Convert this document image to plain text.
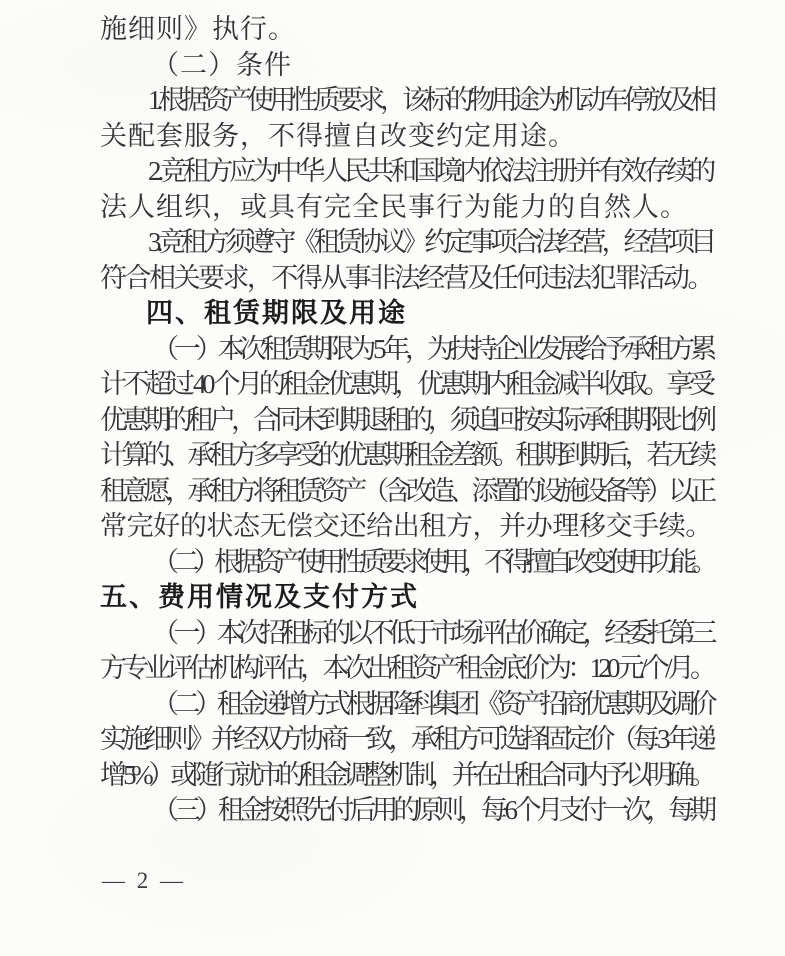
施细则》执行。
（二）条件
1.根据资产使用性质要求，该标的物用途为机动车停放及相
关配套服务，不得擅自改变约定用途。
2.竞租方应为中华人民共和国境内依法注册并有效存续的
法人组织，或具有完全民事行为能力的自然人。
3.竞租方须遵守《租赁协议》约定事项合法经营，经营项目
符合相关要求，不得从事非法经营及任何违法犯罪活动。
四、租赁期限及用途
（一）本次租赁期限为 5 年，为扶持企业发展给予承租方累
计不超过 40 个月的租金优惠期，优惠期内租金减半收取。享受
优惠期的租户，合同未到期退租的，须追回按实际承租期限比例
计算的、承租方多享受的优惠期租金差额。租期到期后，若无续
租意愿，承租方将租赁资产（含改造、添置的设施设备等）以正
常完好的状态无偿交还给出租方，并办理移交手续。
（二）根据资产使用性质要求使用，不得擅自改变使用功能。
五、费用情况及支付方式
（一）本次招租标的以不低于市场评估价确定，经委托第三
方专业评估机构评估，本次出租资产租金底价为：120 元/个/月。
（二）租金递增方式根据隆科集团《资产招商优惠期及调价
实施细则》并经双方协商一致，承租方可选择固定价（每 3 年递
增 5%）或随行就市的租金调整机制，并在出租合同内予以明确。
（三）租金按照先付后用的原则，每 6 个月支付一次，每期
— 2 —
